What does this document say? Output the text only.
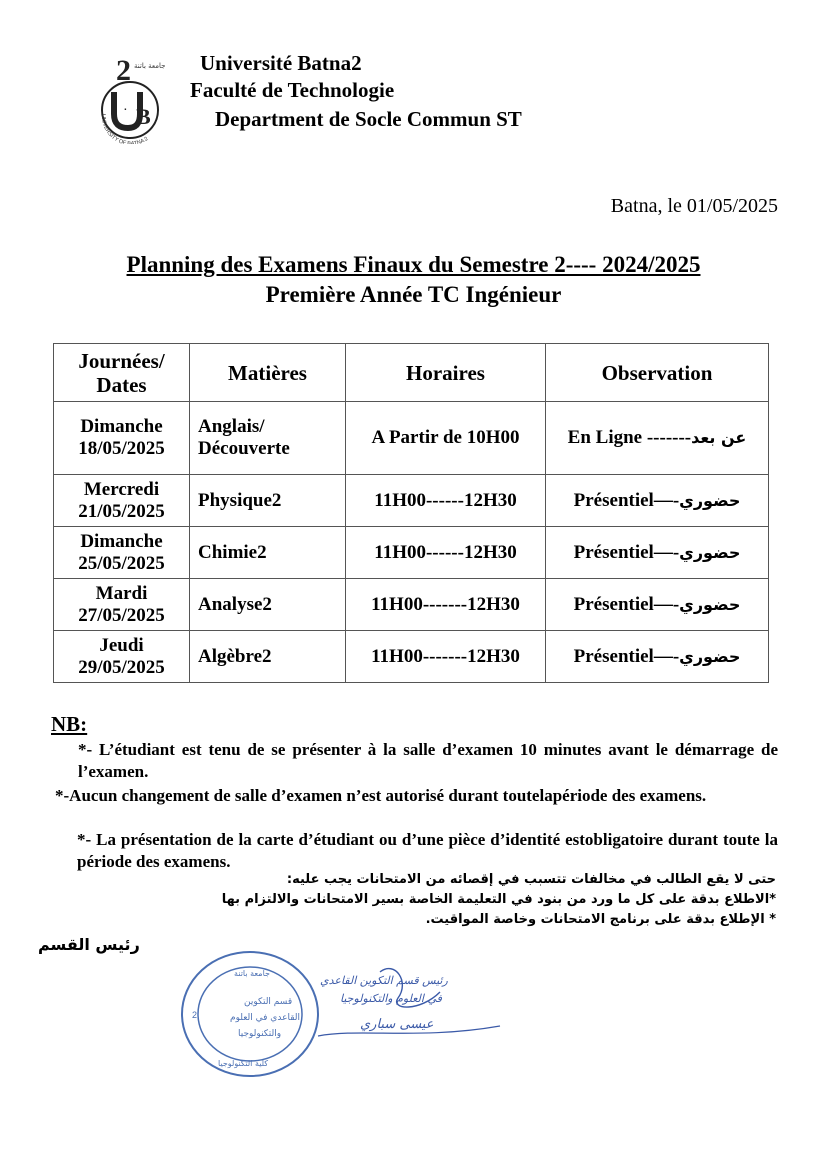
2 جامعة باتنة
B
.
UNIVERSITY OF B TNA 2
Université Batna2
Faculté de Technologie
Department de Socle Commun ST
Batna, le 01/05/2025
Planning des Examens Finaux du Semestre 2---- 2024/2025
Première Année TC Ingénieur
Journées/
Dates	Matières	Horaires	Observation
Dimanche
18/05/2025	Anglais/
Découverte	A Partir de 10H00	En Ligne -------عن بعد
Mercredi
21/05/2025	Physique2	11H00------12H30	Présentiel—-حضوري
Dimanche
25/05/2025	Chimie2	11H00------12H30	Présentiel—-حضوري
Mardi
27/05/2025	Analyse2	11H00-------12H30	Présentiel—-حضوري
Jeudi
29/05/2025	Algèbre2	11H00-------12H30	Présentiel—-حضوري
NB:
*- L’étudiant est tenu de se présenter à la salle d’examen 10 minutes avant le démarrage de l’examen.
*-Aucun changement de salle d’examen n’est autorisé durant toutelapériode des examens.
*- La présentation de la carte d’étudiant ou d’une pièce d’identité estobligatoire durant toute la période des examens.
حتى لا يقع الطالب في مخالفات تتسبب في إقصائه من الامتحانات يجب عليه:
*الاطلاع بدقة على كل ما ورد من بنود في التعليمة الخاصة بسير الامتحانات والالتزام بها
* الإطلاع بدقة على برنامج الامتحانات وخاصة المواقيت.
رئيس القسم
جامعة باتنة
قسم التكوين
القاعدي في العلوم
والتكنولوجيا
كلية التكنولوجيا
2
رئيس قسم التكوين القاعدي
في العلوم والتكنولوجيا
عيسى سباري
